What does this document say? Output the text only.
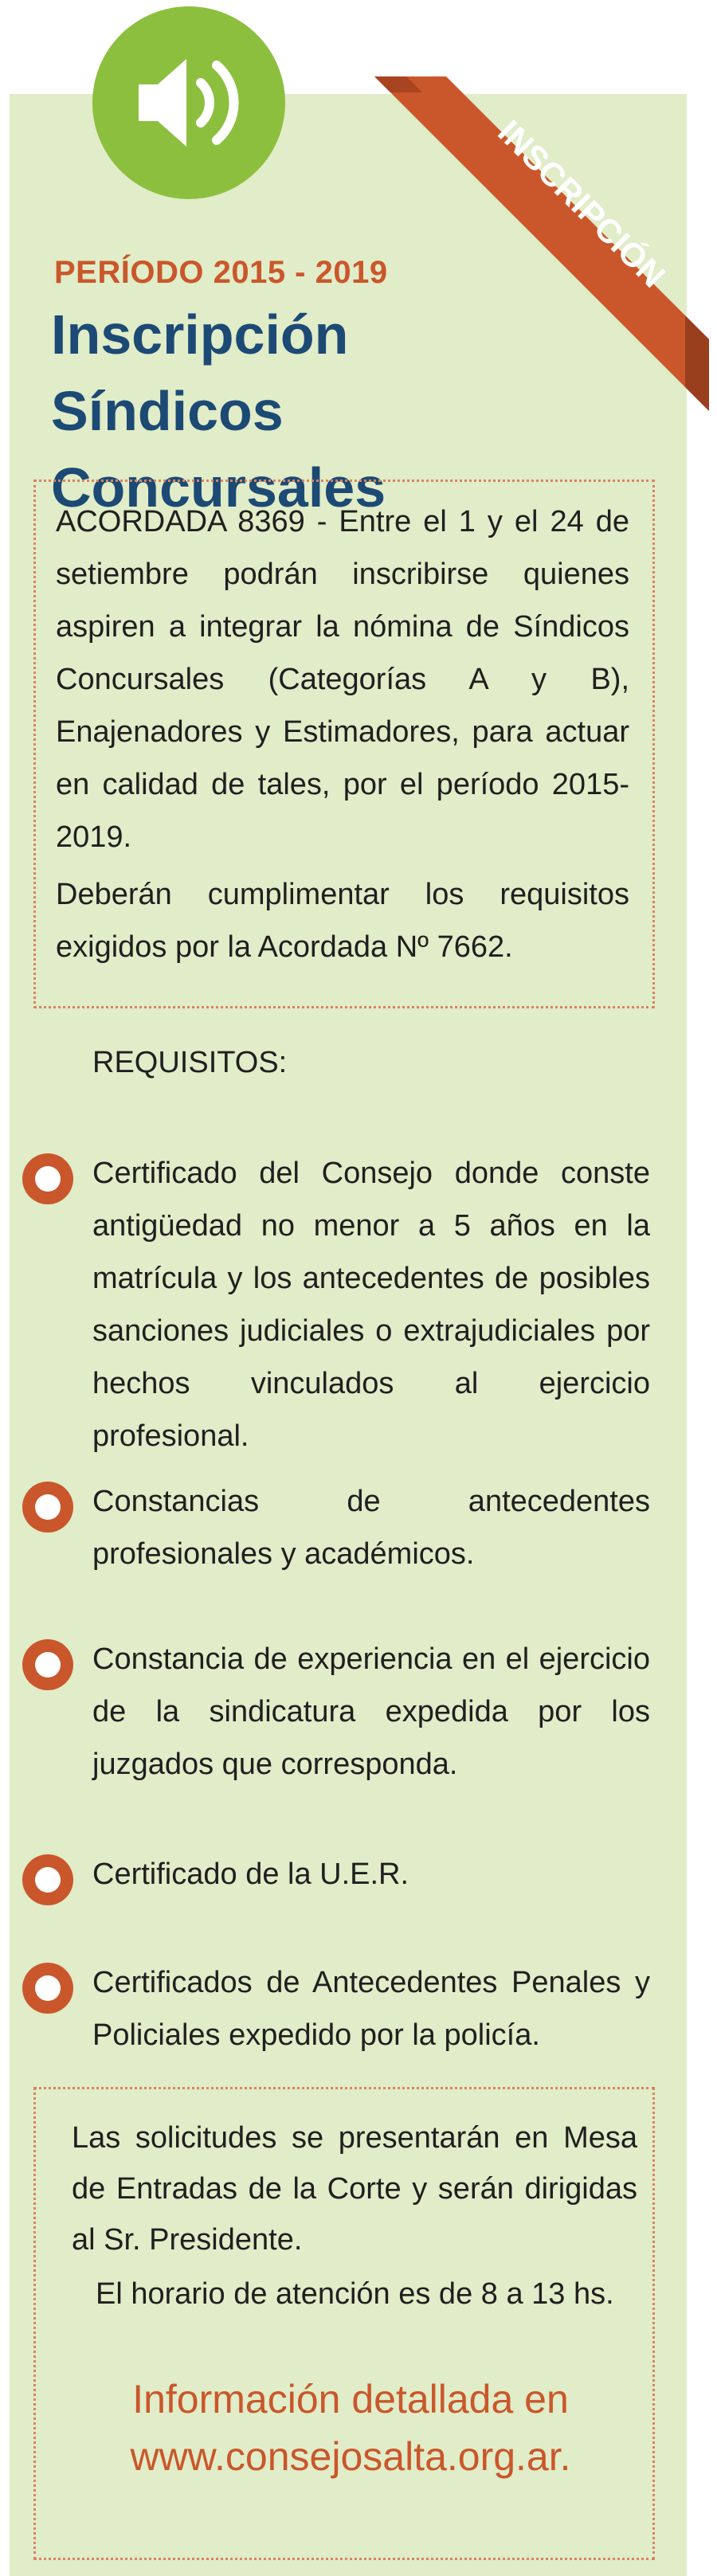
INSCRIPCIÓN
PERÍODO 2015 - 2019
Inscripción Síndicos Concursales
ACORDADA 8369 - Entre el 1 y el 24 de setiembre podrán inscribirse quienes aspiren a integrar la nómina de Síndicos Concursales (Categorías A y B), Enajenadores y Estimadores, para actuar en calidad de tales, por el período 2015-2019.
Deberán cumplimentar los requisitos exigidos por la Acordada Nº 7662.
REQUISITOS:
Certificado del Consejo donde conste antigüedad no menor a 5 años en la matrícula y los antecedentes de posibles sanciones judiciales o extrajudiciales por hechos vinculados al ejercicio profesional.
Constancias de antecedentes profesionales y académicos.
Constancia de experiencia en el ejercicio de la sindicatura expedida por los juzgados que corresponda.
Certificado de la U.E.R.
Certificados de Antecedentes Penales y Policiales expedido por la policía.
Las solicitudes se presentarán en Mesa de Entradas de la Corte y serán dirigidas al Sr. Presidente.
El horario de atención es de 8 a 13 hs.
Información detallada en
www.consejosalta.org.ar.
